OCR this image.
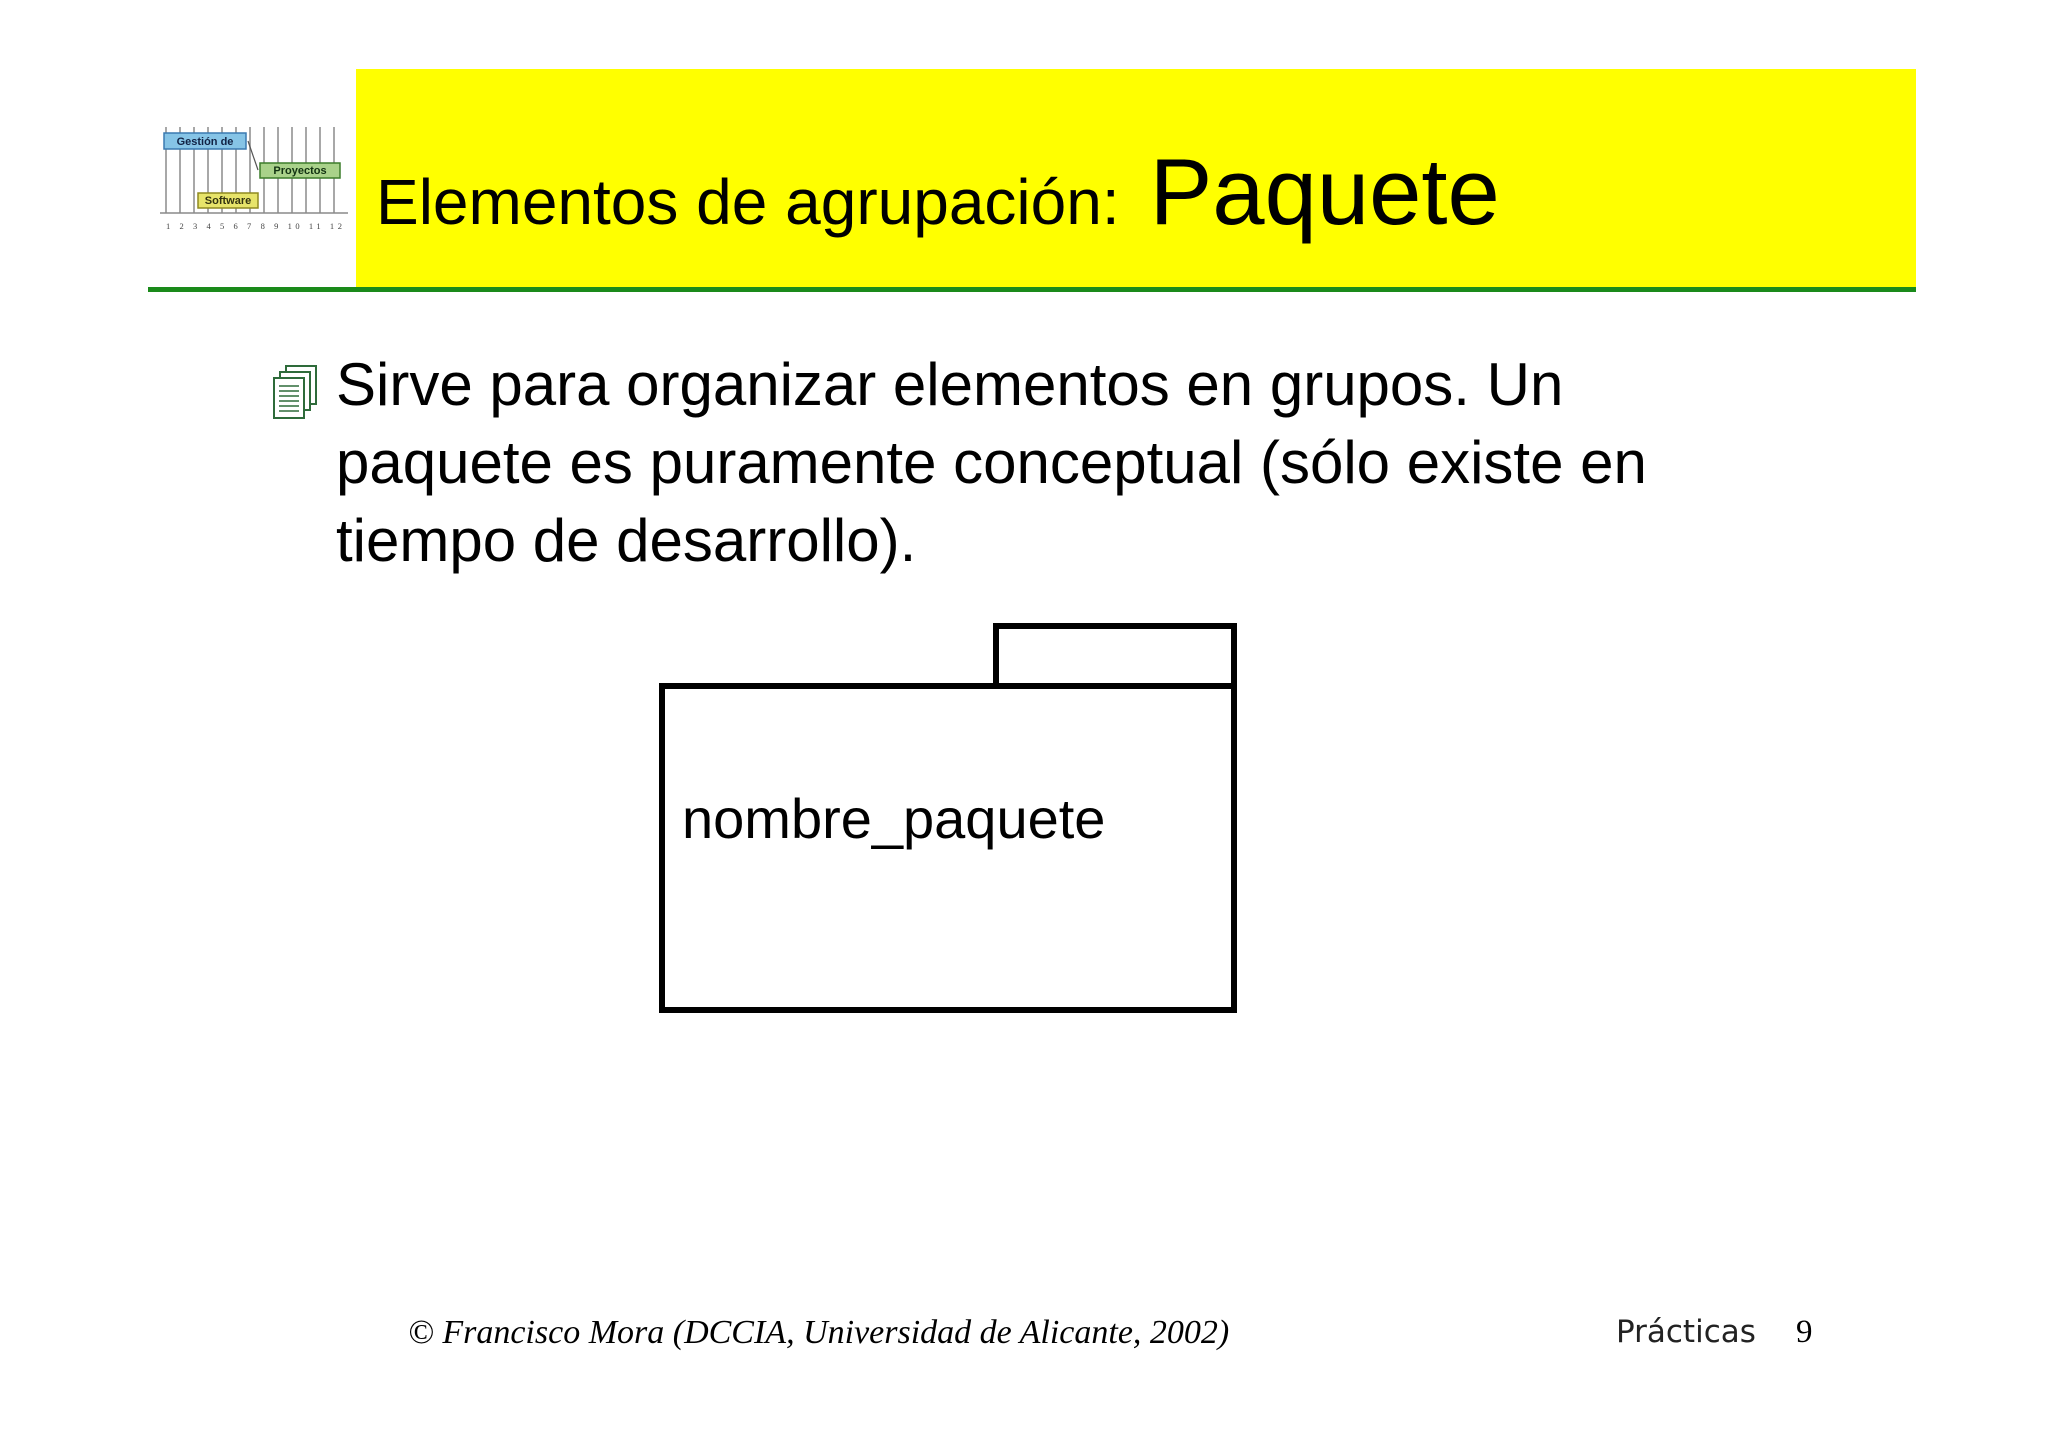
Gestión de
Proyectos
Software
1 2 3 4 5 6 7 8 9 10 11 12 Elementos de agrupación: Paquete
Sirve para organizar elementos en grupos. Un paquete es puramente conceptual (sólo existe en tiempo de desarrollo).
nombre_paquete
© Francisco Mora (DCCIA, Universidad de Alicante, 2002)	Prácticas 9
